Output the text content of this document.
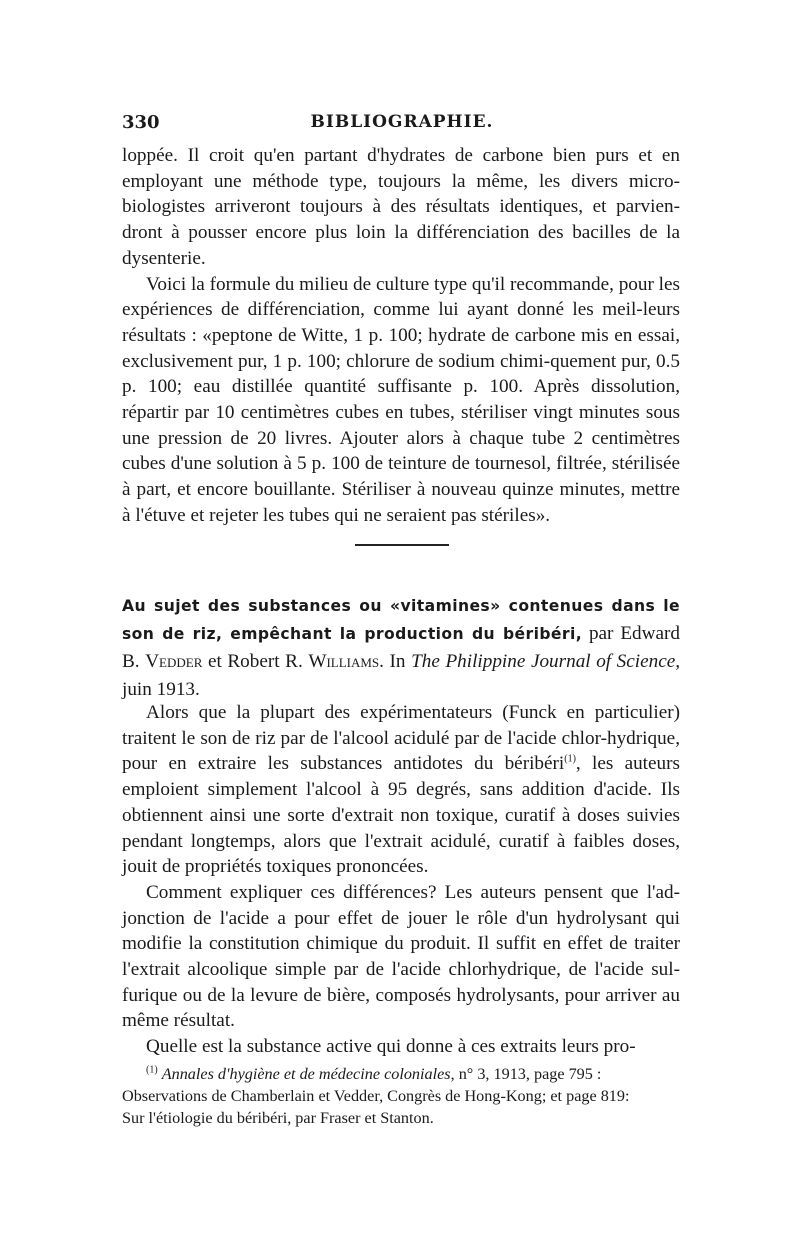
330	BIBLIOGRAPHIE.

loppée. Il croit qu'en partant d'hydrates de carbone bien purs et en employant une méthode type, toujours la même, les divers micro-biologistes arriveront toujours à des résultats identiques, et parvien-dront à pousser encore plus loin la différenciation des bacilles de la dysenterie.

Voici la formule du milieu de culture type qu'il recommande, pour les expériences de différenciation, comme lui ayant donné les meil-leurs résultats : «peptone de Witte, 1 p. 100; hydrate de carbone mis en essai, exclusivement pur, 1 p. 100; chlorure de sodium chimi-quement pur, 0.5 p. 100; eau distillée quantité suffisante p. 100. Après dissolution, répartir par 10 centimètres cubes en tubes, stériliser vingt minutes sous une pression de 20 livres. Ajouter alors à chaque tube 2 centimètres cubes d'une solution à 5 p. 100 de teinture de tournesol, filtrée, stérilisée à part, et encore bouillante. Stériliser à nouveau quinze minutes, mettre à l'étuve et rejeter les tubes qui ne seraient pas stériles».

Au sujet des substances ou «vitamines» contenues dans le son de riz, empêchant la production du béribéri, par Edward B. Vedder et Robert R. Williams. In The Philippine Journal of Science, juin 1913.

Alors que la plupart des expérimentateurs (Funck en particulier) traitent le son de riz par de l'alcool acidulé par de l'acide chlor-hydrique, pour en extraire les substances antidotes du béribéri$^{(1)}$, les auteurs emploient simplement l'alcool à 95 degrés, sans addition d'acide. Ils obtiennent ainsi une sorte d'extrait non toxique, curatif à doses suivies pendant longtemps, alors que l'extrait acidulé, curatif à faibles doses, jouit de propriétés toxiques prononcées.

Comment expliquer ces différences? Les auteurs pensent que l'ad-jonction de l'acide a pour effet de jouer le rôle d'un hydrolysant qui modifie la constitution chimique du produit. Il suffit en effet de traiter l'extrait alcoolique simple par de l'acide chlorhydrique, de l'acide sul-furique ou de la levure de bière, composés hydrolysants, pour arriver au même résultat.

Quelle est la substance active qui donne à ces extraits leurs pro-

$^{(1)}$ Annales d'hygiène et de médecine coloniales, n° 3, 1913, page 795 :

Observations de Chamberlain et Vedder, Congrès de Hong-Kong; et page 819:

Sur l'étiologie du béribéri, par Fraser et Stanton.
